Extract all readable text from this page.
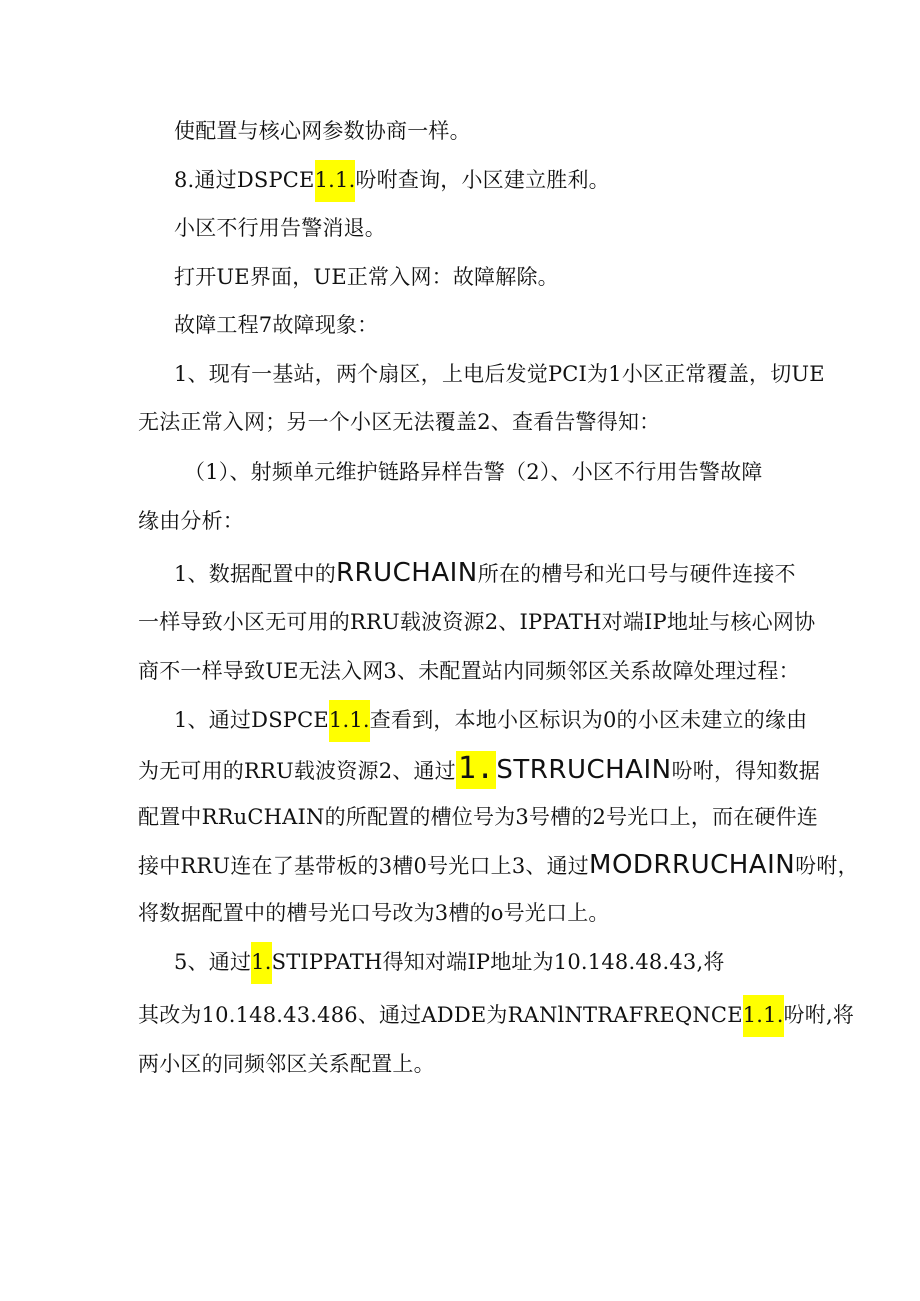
使配置与核心网参数协商一样。
8.通过DSPCE1.1.吩咐查询，小区建立胜利。
小区不行用告警消退。
打开UE界面，UE正常入网：故障解除。
故障工程7故障现象：
1、现有一基站，两个扇区，上电后发觉PCI为1小区正常覆盖，切UE
无法正常入网；另一个小区无法覆盖2、查看告警得知：
（1）、射频单元维护链路异样告警（2）、小区不行用告警故障
缘由分析：
1、数据配置中的RRUCHAIN所在的槽号和光口号与硬件连接不
一样导致小区无可用的RRU载波资源2、IPPATH对端IP地址与核心网协
商不一样导致UE无法入网3、未配置站内同频邻区关系故障处理过程：
1、通过DSPCE1.1.查看到，本地小区标识为0的小区未建立的缘由
为无可用的RRU载波资源2、通过1.STRRUCHAIN吩咐，得知数据
配置中RRuCHAIN的所配置的槽位号为3号槽的2号光口上，而在硬件连
接中RRU连在了基带板的3槽0号光口上3、通过MODRRUCHAIN吩咐，
将数据配置中的槽号光口号改为3槽的o号光口上。
5、通过1.STIPPATH得知对端IP地址为10.148.48.43,将
其改为10.148.43.486、通过ADDE为RANlNTRAFREQNCE1.1.吩咐,将
两小区的同频邻区关系配置上。
